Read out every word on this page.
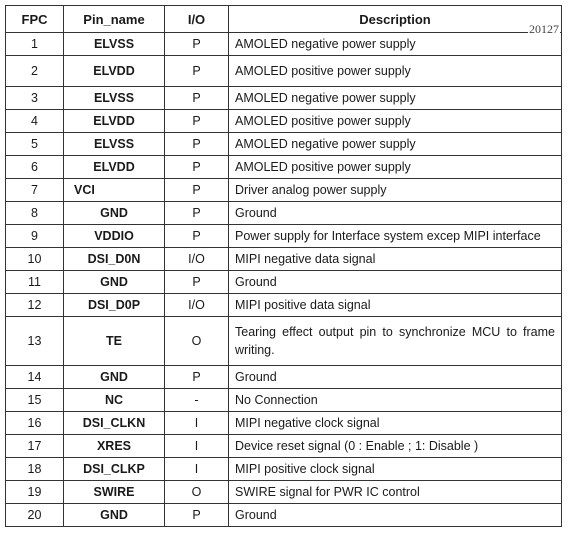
20127
FPC	Pin_name	I/O	Description
1	ELVSS	P	AMOLED negative power supply
2	ELVDD	P	AMOLED positive power supply
3	ELVSS	P	AMOLED negative power supply
4	ELVDD	P	AMOLED positive power supply
5	ELVSS	P	AMOLED negative power supply
6	ELVDD	P	AMOLED positive power supply
7	VCI	P	Driver analog power supply
8	GND	P	Ground
9	VDDIO	P	Power supply for Interface system excep MIPI interface
10	DSI_D0N	I/O	MIPI negative data signal
11	GND	P	Ground
12	DSI_D0P	I/O	MIPI positive data signal
13	TE	O	Tearing effect output pin to synchronize MCU to frame writing.
14	GND	P	Ground
15	NC	-	No Connection
16	DSI_CLKN	I	MIPI negative clock signal
17	XRES	I	Device reset signal (0 : Enable ; 1: Disable )
18	DSI_CLKP	I	MIPI positive clock signal
19	SWIRE	O	SWIRE signal for PWR IC control
20	GND	P	Ground
